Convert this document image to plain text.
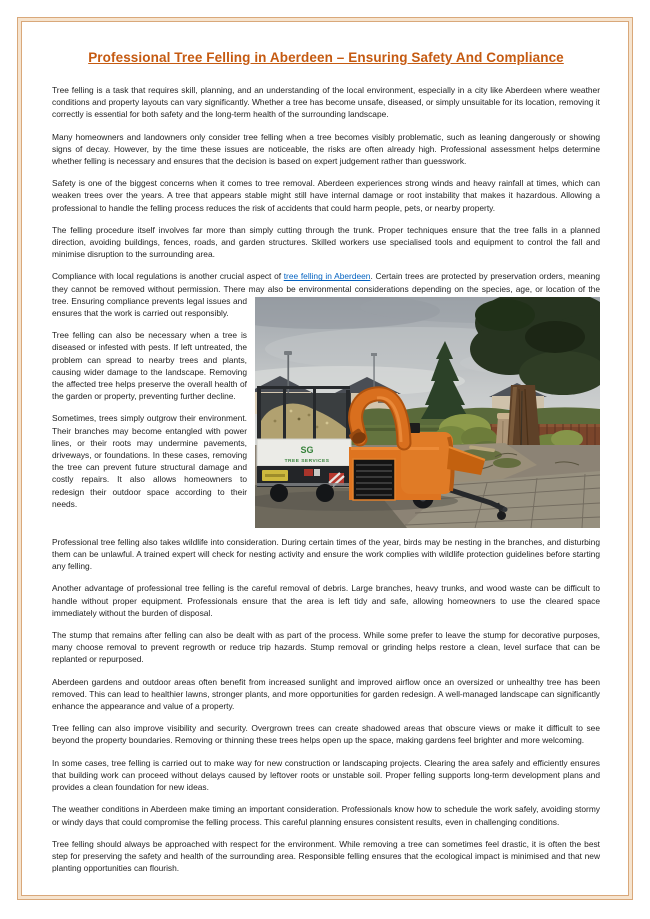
Professional Tree Felling in Aberdeen – Ensuring Safety And Compliance

Tree felling is a task that requires skill, planning, and an understanding of the local environment, especially in a city like Aberdeen where weather conditions and property layouts can vary significantly. Whether a tree has become unsafe, diseased, or simply unsuitable for its location, removing it correctly is essential for both safety and the long-term health of the surrounding landscape.

Many homeowners and landowners only consider tree felling when a tree becomes visibly problematic, such as leaning dangerously or showing signs of decay. However, by the time these issues are noticeable, the risks are often already high. Professional assessment helps determine whether felling is necessary and ensures that the decision is based on expert judgement rather than guesswork.

Safety is one of the biggest concerns when it comes to tree removal. Aberdeen experiences strong winds and heavy rainfall at times, which can weaken trees over the years. A tree that appears stable might still have internal damage or root instability that makes it hazardous. Allowing a professional to handle the felling process reduces the risk of accidents that could harm people, pets, or nearby property.

The felling procedure itself involves far more than simply cutting through the trunk. Proper techniques ensure that the tree falls in a planned direction, avoiding buildings, fences, roads, and garden structures. Skilled workers use specialised tools and equipment to control the fall and minimise disruption to the surrounding area.

Compliance with local regulations is another crucial aspect of tree felling in Aberdeen. Certain trees are protected by preservation orders, meaning they cannot be removed without permission. There may also be environmental considerations depending on the species, age, or
SG
TREE SERVICES
location of the tree. Ensuring compliance prevents legal issues and ensures that the work is carried out responsibly.

Tree felling can also be necessary when a tree is diseased or infested with pests. If left untreated, the problem can spread to nearby trees and plants, causing wider damage to the landscape. Removing the affected tree helps preserve the overall health of the garden or property, preventing further decline.

Sometimes, trees simply outgrow their environment. Their branches may become entangled with power lines, or their roots may undermine pavements, driveways, or foundations. In these cases, removing the tree can prevent future structural damage and costly repairs. It also allows homeowners to redesign their outdoor space according to their needs.

Professional tree felling also takes wildlife into consideration. During certain times of the year, birds may be nesting in the branches, and disturbing them can be unlawful. A trained expert will check for nesting activity and ensure the work complies with wildlife protection guidelines before starting any felling.

Another advantage of professional tree felling is the careful removal of debris. Large branches, heavy trunks, and wood waste can be difficult to handle without proper equipment. Professionals ensure that the area is left tidy and safe, allowing homeowners to use the cleared space immediately without the burden of disposal.

The stump that remains after felling can also be dealt with as part of the process. While some prefer to leave the stump for decorative purposes, many choose removal to prevent regrowth or reduce trip hazards. Stump removal or grinding helps restore a clean, level surface that can be replanted or repurposed.

Aberdeen gardens and outdoor areas often benefit from increased sunlight and improved airflow once an oversized or unhealthy tree has been removed. This can lead to healthier lawns, stronger plants, and more opportunities for garden redesign. A well-managed landscape can significantly enhance the appearance and value of a property.

Tree felling can also improve visibility and security. Overgrown trees can create shadowed areas that obscure views or make it difficult to see beyond the property boundaries. Removing or thinning these trees helps open up the space, making gardens feel brighter and more welcoming.

In some cases, tree felling is carried out to make way for new construction or landscaping projects. Clearing the area safely and efficiently ensures that building work can proceed without delays caused by leftover roots or unstable soil. Proper felling supports long-term development plans and provides a clean foundation for new ideas.

The weather conditions in Aberdeen make timing an important consideration. Professionals know how to schedule the work safely, avoiding stormy or windy days that could compromise the felling process. This careful planning ensures consistent results, even in challenging conditions.

Tree felling should always be approached with respect for the environment. While removing a tree can sometimes feel drastic, it is often the best step for preserving the safety and health of the surrounding area. Responsible felling ensures that the ecological impact is minimised and that new planting opportunities can flourish.
